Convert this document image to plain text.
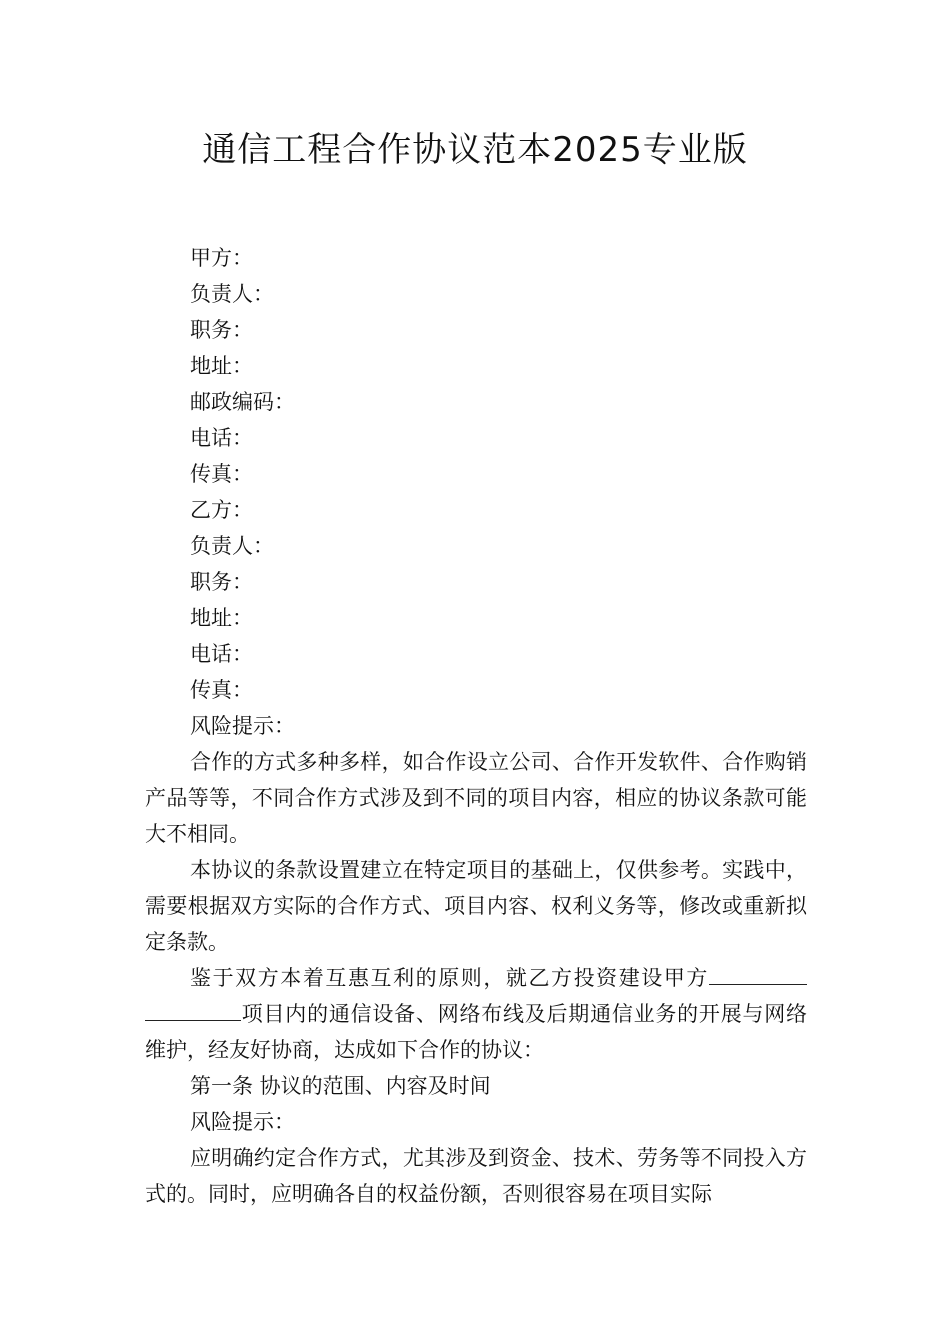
通信工程合作协议范本2025专业版
甲方：
负责人：
职务：
地址：
邮政编码：
电话：
传真：
乙方：
负责人：
职务：
地址：
电话：
传真：
风险提示：

合作的方式多种多样，如合作设立公司、合作开发软件、合作购销产品等等，不同合作方式涉及到不同的项目内容，相应的协议条款可能大不相同。

本协议的条款设置建立在特定项目的基础上，仅供参考。实践中，需要根据双方实际的合作方式、项目内容、权利义务等，修改或重新拟定条款。

鉴于双方本着互惠互利的原则，就乙方投资建设甲方项目内的通信设备、网络布线及后期通信业务的开展与网络维护，经友好协商，达成如下合作的协议：

第一条 协议的范围、内容及时间

风险提示：

应明确约定合作方式，尤其涉及到资金、技术、劳务等不同投入方式的。同时，应明确各自的权益份额，否则很容易在项目实际
